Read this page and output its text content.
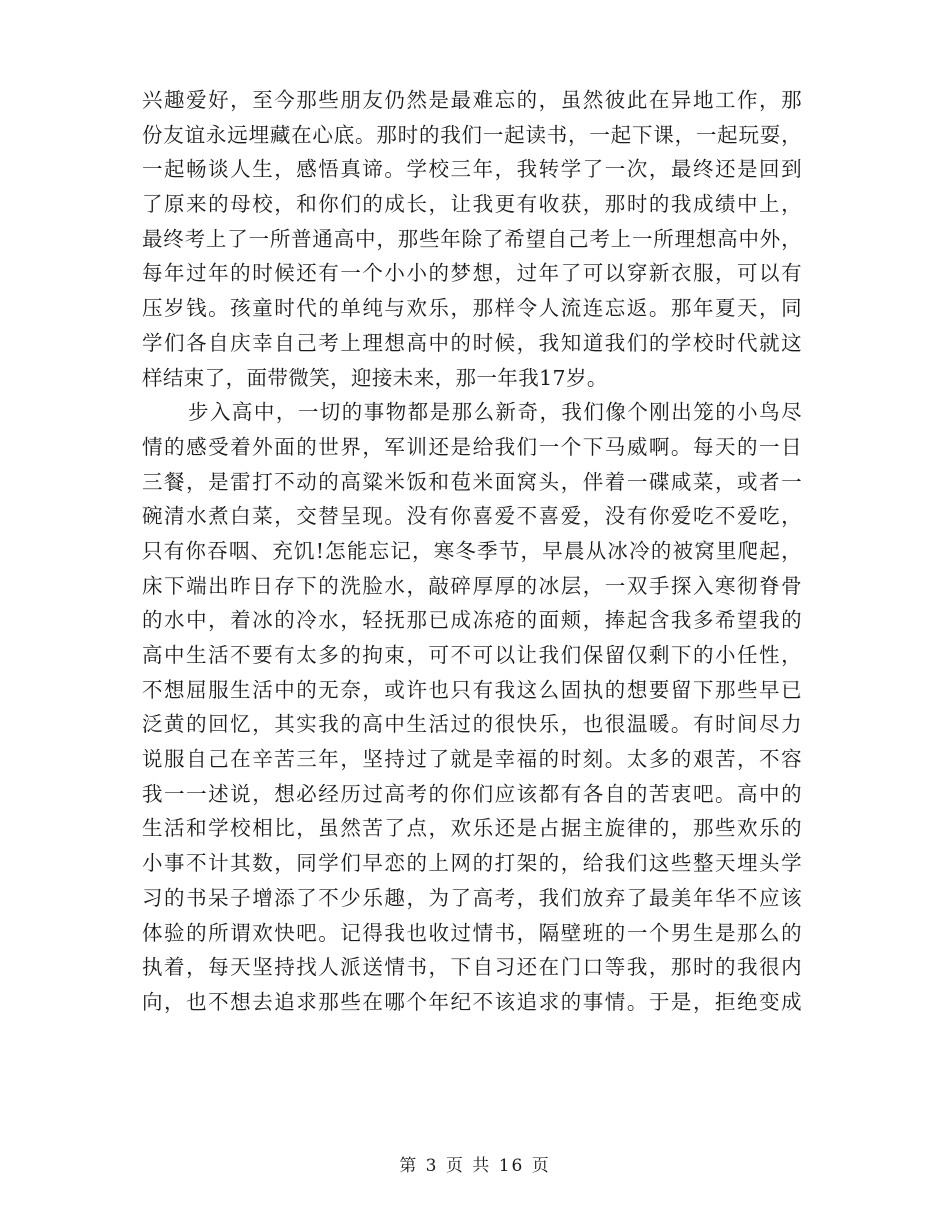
兴趣爱好，至今那些朋友仍然是最难忘的，虽然彼此在异地工作，那
份友谊永远埋藏在心底。那时的我们一起读书，一起下课，一起玩耍，
一起畅谈人生，感悟真谛。学校三年，我转学了一次，最终还是回到
了原来的母校，和你们的成长，让我更有收获，那时的我成绩中上，
最终考上了一所普通高中，那些年除了希望自己考上一所理想高中外，
每年过年的时候还有一个小小的梦想，过年了可以穿新衣服，可以有
压岁钱。孩童时代的单纯与欢乐，那样令人流连忘返。那年夏天，同
学们各自庆幸自己考上理想高中的时候，我知道我们的学校时代就这
样结束了，面带微笑，迎接未来，那一年我17岁。
步入高中，一切的事物都是那么新奇，我们像个刚出笼的小鸟尽
情的感受着外面的世界，军训还是给我们一个下马威啊。每天的一日
三餐，是雷打不动的高粱米饭和苞米面窝头，伴着一碟咸菜，或者一
碗清水煮白菜，交替呈现。没有你喜爱不喜爱，没有你爱吃不爱吃，
只有你吞咽、充饥!怎能忘记，寒冬季节，早晨从冰冷的被窝里爬起，
床下端出昨日存下的洗脸水，敲碎厚厚的冰层，一双手探入寒彻脊骨
的水中，着冰的冷水，轻抚那已成冻疮的面颊，捧起含我多希望我的
高中生活不要有太多的拘束，可不可以让我们保留仅剩下的小任性，
不想屈服生活中的无奈，或许也只有我这么固执的想要留下那些早已
泛黄的回忆，其实我的高中生活过的很快乐，也很温暖。有时间尽力
说服自己在辛苦三年，坚持过了就是幸福的时刻。太多的艰苦，不容
我一一述说，想必经历过高考的你们应该都有各自的苦衷吧。高中的
生活和学校相比，虽然苦了点，欢乐还是占据主旋律的，那些欢乐的
小事不计其数，同学们早恋的上网的打架的，给我们这些整天埋头学
习的书呆子增添了不少乐趣，为了高考，我们放弃了最美年华不应该
体验的所谓欢快吧。记得我也收过情书，隔壁班的一个男生是那么的
执着，每天坚持找人派送情书，下自习还在门口等我，那时的我很内
向，也不想去追求那些在哪个年纪不该追求的事情。于是，拒绝变成
第 3 页 共 16 页
